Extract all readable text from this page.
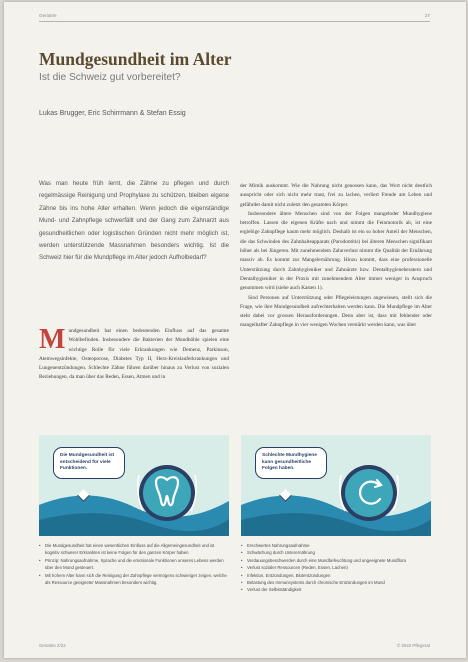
Geriatrie	27
Mundgesundheit im Alter
Ist die Schweiz gut vorbereitet?
Lukas Brugger, Eric Schirrmann & Stefan Essig
Was man heute früh lernt, die Zähne zu pflegen und durch regelmässige Reinigung und Prophylaxe zu schützen, bleiben eigene Zähne bis ins hohe Alter erhalten. Wenn jedoch die eigenständige Mund- und Zahnpflege schwerfällt und der Gang zum Zahnarzt aus gesundheitlichen oder logistischen Gründen nicht mehr möglich ist, werden unterstützende Massnahmen besonders wichtig. Ist die Schweiz hier für die Mundpflege im Alter jedoch Aufholbedarf?

der Mimik auskommt. Wie die Nahrung nicht genossen kann, das Wort nicht deutlich ausspricht oder sich nicht mehr traut, frei zu lachen, verliert Freude am Leben und gefährdet damit nicht zuletzt den gesamten Körper.

Insbesondere ältere Menschen sind von der Folgen mangelnder Mundhygiene betroffen. Lassen die eigenen Kräfte nach und nimmt die Feinmotorik ab, ist eine ergiebige Zahnpflege kaum mehr möglich. Deshalb ist ein so hoher Anteil der Menschen, die das Schwinden des Zahnhalteapparats (Parodontitis) bei älteren Menschen signifikant höher als bei Jüngeren. Mit zunehmendem Zahnverlust nimmt die Qualität der Ernährung massiv ab. Es kommt zur Mangelernährung. Hinzu kommt, dass eine professionelle Unterstützung durch Zahnhygieniker und Zahnärzte bzw. Dentalhygieneberatern und Dentalhygieniker in der Praxis mit zunehmendem Alter immer weniger in Anspruch genommen wird (siehe auch Kasten 1).

Sind Personen auf Unterstützung oder Pflegeleistungen angewiesen, stellt sich die Frage, wie ihre Mundgesundheit aufrechterhalten werden kann. Die Mundpflege im Alter steht dabei vor grossen Herausforderungen. Denn aber ist, dass mit fehlender oder mangelhafter Zahnpflege in vier wenigen Wochen verstärkt werden kann, was über

M undgesundheit hat einen bedeutenden Einfluss auf das gesamte Wohlbefinden. Insbesondere die Bakterien der Mundhöhle spielen eine wichtige Rolle für viele Erkrankungen wie Demenz, Parkinson, Atemwegsinfekte, Osteoporose, Diabetes Typ II, Herz-Kreislauferkrankungen und Lungenentzündungen. Schlechte Zähne führen darüber hinaus zu Verlust von sozialen Beziehungen, da man über das Reden, Essen, Atmen und in
Die Mundgesundheit ist entscheidend für viele Funktionen.
Schlechte Mundhygiene kann gesundheitliche Folgen haben.
• Die Mundgesundheit hat einen wesentlichen Einfluss auf die Allgemeingesundheit und ist kognitiv schwerer Erkrankten ist keine Folgen für den ganzen Körper haben
• Prinzip: Nahrungsaufnahme, Sprache und die emotionale Funktionen unseres Lebens werden über den Mund gesteuert.
• Mit hohem Alter kann sich die Reinigung der Zahnpflege vermögens schwieriger zeigen, welche als Ressource geeigneter Massnahmen besonders wichtig.
• Erschwertes Nahrungsaufnahme
• Schwächung durch Unterernährung
• Verdauungsbeschwerden durch eine Mundbefeuchtung und ungeeignete Mundflora
• Verlust sozialer Ressourcen (Reden, Essen, Lachen)
• Infektion, Entzündungen, Blutentzündungen
• Belastung des Immunsystems durch chronische Entzündungen im Mund
• Verlust der Selbstständigkeit
Geriatrie 2/22	© 2022 Pflegerat
